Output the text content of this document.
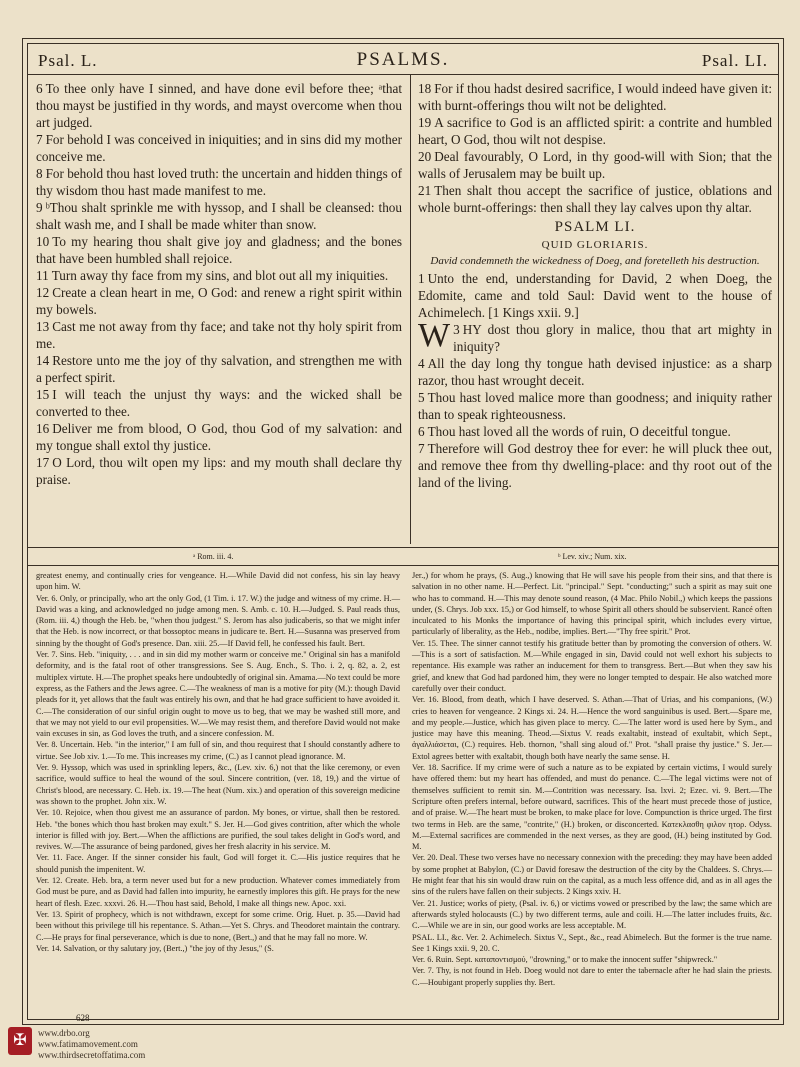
Psal. L.	PSALMS.	Psal. LI.

6 To thee only have I sinned, and have done evil before thee; ᵃthat thou mayst be justified in thy words, and mayst overcome when thou art judged.

7 For behold I was conceived in iniquities; and in sins did my mother conceive me.

8 For behold thou hast loved truth: the uncertain and hidden things of thy wisdom thou hast made manifest to me.

9 ᵇThou shalt sprinkle me with hyssop, and I shall be cleansed: thou shalt wash me, and I shall be made whiter than snow.

10 To my hearing thou shalt give joy and gladness; and the bones that have been humbled shall rejoice.

11 Turn away thy face from my sins, and blot out all my iniquities.

12 Create a clean heart in me, O God: and renew a right spirit within my bowels.

13 Cast me not away from thy face; and take not thy holy spirit from me.

14 Restore unto me the joy of thy salvation, and strengthen me with a perfect spirit.

15 I will teach the unjust thy ways: and the wicked shall be converted to thee.

16 Deliver me from blood, O God, thou God of my salvation: and my tongue shall extol thy justice.

17 O Lord, thou wilt open my lips: and my mouth shall declare thy praise.

18 For if thou hadst desired sacrifice, I would indeed have given it: with burnt-offerings thou wilt not be delighted.

19 A sacrifice to God is an afflicted spirit: a contrite and humbled heart, O God, thou wilt not despise.

20 Deal favourably, O Lord, in thy good-will with Sion; that the walls of Jerusalem may be built up.

21 Then shalt thou accept the sacrifice of justice, oblations and whole burnt-offerings: then shall they lay calves upon thy altar.

PSALM LI.

QUID GLORIARIS.

David condemneth the wickedness of Doeg, and foretelleth his destruction.

1 Unto the end, understanding for David, 2 when Doeg, the Edomite, came and told Saul: David went to the house of Achimelech. [1 Kings xxii. 9.]

3
W HY dost thou glory in malice, thou that art mighty in iniquity?

4 All the day long thy tongue hath devised injustice: as a sharp razor, thou hast wrought deceit.

5 Thou hast loved malice more than goodness; and iniquity rather than to speak righteousness.

6 Thou hast loved all the words of ruin, O deceitful tongue.

7 Therefore will God destroy thee for ever: he will pluck thee out, and remove thee from thy dwelling-place: and thy root out of the land of the living.

ᵃ Rom. iii. 4.	ᵇ Lev. xiv.; Num. xix.

greatest enemy, and continually cries for vengeance. H.—While David did not confess, his sin lay heavy upon him. W.

Ver. 6. Only, or principally, who art the only God, (1 Tim. i. 17. W.) the judge and witness of my crime. H.—David was a king, and acknowledged no judge among men. S. Amb. c. 10. H.—Judged. S. Paul reads thus, (Rom. iii. 4,) though the Heb. be, "when thou judgest." S. Jerom has also judicaberis, so that we might infer that the Heb. is now incorrect, or that bossoptoc means in judicare te. Bert. H.—Susanna was preserved from sinning by the thought of God's presence. Dan. xiii. 25.—If David fell, he confessed his fault. Bert.

Ver. 7. Sins. Heb. "iniquity, . . . and in sin did my mother warm or conceive me." Original sin has a manifold deformity, and is the fatal root of other transgressions. See S. Aug. Ench., S. Tho. i. 2, q. 82, a. 2, est multiplex virtute. H.—The prophet speaks here undoubtedly of original sin. Amama.—No text could be more express, as the Fathers and the Jews agree. C.—The weakness of man is a motive for pity (M.): though David pleads for it, yet allows that the fault was entirely his own, and that he had grace sufficient to have avoided it. C.—The consideration of our sinful origin ought to move us to beg, that we may be washed still more, and that we may not yield to our evil propensities. W.—We may resist them, and therefore David would not make vain excuses in sin, as God loves the truth, and a sincere confession. M.

Ver. 8. Uncertain. Heb. "in the interior," I am full of sin, and thou requirest that I should constantly adhere to virtue. See Job xiv. 1.—To me. This increases my crime, (C.) as I cannot plead ignorance. M.

Ver. 9. Hyssop, which was used in sprinkling lepers, &c., (Lev. xiv. 6,) not that the like ceremony, or even sacrifice, would suffice to heal the wound of the soul. Sincere contrition, (ver. 18, 19,) and the virtue of Christ's blood, are necessary. C. Heb. ix. 19.—The heat (Num. xix.) and operation of this sovereign medicine was shown to the prophet. John xix. W.

Ver. 10. Rejoice, when thou givest me an assurance of pardon. My bones, or virtue, shall then be restored. Heb. "the bones which thou hast broken may exult." S. Jer. H.—God gives contrition, after which the whole interior is filled with joy. Bert.—When the afflictions are purified, the soul takes delight in God's word, and revives. W.—The assurance of being pardoned, gives her fresh alacrity in his service. M.

Ver. 11. Face. Anger. If the sinner consider his fault, God will forget it. C.—His justice requires that he should punish the impenitent. W.

Ver. 12. Create. Heb. bra, a term never used but for a new production. Whatever comes immediately from God must be pure, and as David had fallen into impurity, he earnestly implores this gift. He prays for the new heart of flesh. Ezec. xxxvi. 26. H.—Thou hast said, Behold, I make all things new. Apoc. xxi.

Ver. 13. Spirit of prophecy, which is not withdrawn, except for some crime. Orig. Huet. p. 35.—David had been without this privilege till his repentance. S. Athan.—Yet S. Chrys. and Theodoret maintain the contrary. C.—He prays for final perseverance, which is due to none, (Bert.,) and that he may fall no more. W.

Ver. 14. Salvation, or thy salutary joy, (Bert.,) "the joy of thy Jesus," (S.

Jer.,) for whom he prays, (S. Aug.,) knowing that He will save his people from their sins, and that there is salvation in no other name. H.—Perfect. Lit. "principal." Sept. "conducting;" such a spirit as may suit one who has to command. H.—This may denote sound reason, (4 Mac. Philo Nobil.,) which keeps the passions under, (S. Chrys. Job xxx. 15,) or God himself, to whose Spirit all others should be subservient. Rancé often inculcated to his Monks the importance of having this principal spirit, which includes every virtue, particularly of liberality, as the Heb., nodibe, implies. Bert.—"Thy free spirit." Prot.

Ver. 15. Thee. The sinner cannot testify his gratitude better than by promoting the conversion of others. W.—This is a sort of satisfaction. M.—While engaged in sin, David could not well exhort his subjects to repentance. His example was rather an inducement for them to transgress. Bert.—But when they saw his grief, and knew that God had pardoned him, they were no longer tempted to despair. He also watched more carefully over their conduct.

Ver. 16. Blood, from death, which I have deserved. S. Athan.—That of Urias, and his companions, (W.) cries to heaven for vengeance. 2 Kings xi. 24. H.—Hence the word sanguinibus is used. Bert.—Spare me, and my people.—Justice, which has given place to mercy. C.—The latter word is used here by Sym., and justice may have this meaning. Theod.—Sixtus V. reads exaltabit, instead of exultabit, which Sept., ἀγαλλιάσεται, (C.) requires. Heb. thornon, "shall sing aloud of." Prot. "shall praise thy justice." S. Jer.—Extol agrees better with exaltabit, though both have nearly the same sense. H.

Ver. 18. Sacrifice. If my crime were of such a nature as to be expiated by certain victims, I would surely have offered them: but my heart has offended, and must do penance. C.—The legal victims were not of themselves sufficient to remit sin. M.—Contrition was necessary. Isa. lxvi. 2; Ezec. vi. 9. Bert.—The Scripture often prefers internal, before outward, sacrifices. This of the heart must precede those of justice, and of praise. W.—The heart must be broken, to make place for love. Compunction is thrice urged. The first two terms in Heb. are the same, "contrite," (H.) broken, or disconcerted. Κατεκλασθη φιλον ητορ. Odyss. M.—External sacrifices are commended in the next verses, as they are good, (H.) being instituted by God. M.

Ver. 20. Deal. These two verses have no necessary connexion with the preceding: they may have been added by some prophet at Babylon, (C.) or David foresaw the destruction of the city by the Chaldees. S. Chrys.—He might fear that his sin would draw ruin on the capital, as a much less offence did, and as in all ages the sins of the rulers have fallen on their subjects. 2 Kings xxiv. H.

Ver. 21. Justice; works of piety, (Psal. iv. 6,) or victims vowed or prescribed by the law; the same which are afterwards styled holocausts (C.) by two different terms, aule and coili. H.—The latter includes fruits, &c. C.—While we are in sin, our good works are less acceptable. M.

PSAL. LI., &c. Ver. 2. Achimelech. Sixtus V., Sept., &c., read Abimelech. But the former is the true name. See 1 Kings xxii. 9, 20. C.

Ver. 6. Ruin. Sept. καταποντισμού, "drowning," or to make the innocent suffer "shipwreck."

Ver. 7. Thy, is not found in Heb. Doeg would not dare to enter the tabernacle after he had slain the priests. C.—Houbigant properly supplies thy. Bert.

628
✠	www.drbo.org
www.fatimamovement.com
www.thirdsecretoffatima.com
